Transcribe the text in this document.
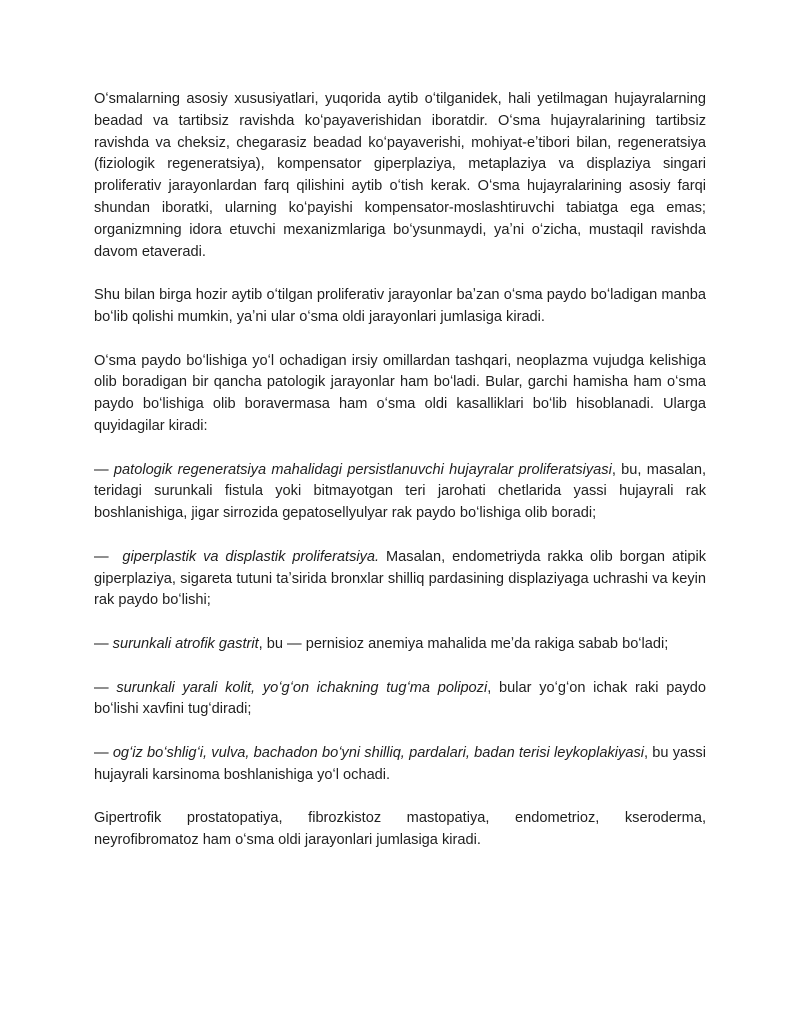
Oʻsmalarning asosiy xususiyatlari, yuqorida aytib oʻtilganidek, hali yetilmagan hujayralarning beadad va tartibsiz ravishda koʻpayaverishidan iboratdir. Oʻsma hujayralarining tartibsiz ravishda va cheksiz, chegarasiz beadad koʻpayaverishi, mohiyat-eʼtibori bilan, regeneratsiya (fiziologik regeneratsiya), kompensator giperplaziya, metaplaziya va displaziya singari proliferativ jarayonlardan farq qilishini aytib oʻtish kerak. Oʻsma hujayralarining asosiy farqi shundan iboratki, ularning koʻpayishi kompensator-moslashtiruvchi tabiatga ega emas; organizmning idora etuvchi mexanizmlariga boʻysunmaydi, yaʼni oʻzicha, mustaqil ravishda davom etaveradi.

Shu bilan birga hozir aytib oʻtilgan proliferativ jarayonlar baʼzan oʻsma paydo boʻladigan manba boʻlib qolishi mumkin, yaʼni ular oʻsma oldi jarayonlari jumlasiga kiradi.

Oʻsma paydo boʻlishiga yoʻl ochadigan irsiy omillardan tashqari, neoplazma vujudga kelishiga olib boradigan bir qancha patologik jarayonlar ham boʻladi. Bular, garchi hamisha ham oʻsma paydo boʻlishiga olib boravermasa ham oʻsma oldi kasalliklari boʻlib hisoblanadi. Ularga quyidagilar kiradi:

— patologik regeneratsiya mahalidagi persistlanuvchi hujayralar proliferatsiyasi, bu, masalan, teridagi surunkali fistula yoki bitmayotgan teri jarohati chetlarida yassi hujayrali rak boshlanishiga, jigar sirrozida gepatosellyulyar rak paydo boʻlishiga olib boradi;

—  giperplastik va displastik proliferatsiya. Masalan, endometriyda rakka olib borgan atipik giperplaziya, sigareta tutuni taʼsirida bronxlar shilliq pardasining displaziyaga uchrashi va keyin rak paydo boʻlishi;

— surunkali atrofik gastrit, bu — pernisioz anemiya mahalida meʼda rakiga sabab boʻladi;

— surunkali yarali kolit, yoʻgʻon ichakning tugʻma polipozi, bular yoʻgʻon ichak raki paydo boʻlishi xavfini tugʻdiradi;

— ogʻiz boʻshligʻi, vulva, bachadon boʻyni shilliq, pardalari, badan terisi leykoplakiyasi, bu yassi hujayrali karsinoma boshlanishiga yoʻl ochadi.

Gipertrofik prostatopatiya, fibrozkistoz mastopatiya, endometrioz, kseroderma, neyrofibromatoz ham oʻsma oldi jarayonlari jumlasiga kiradi.
